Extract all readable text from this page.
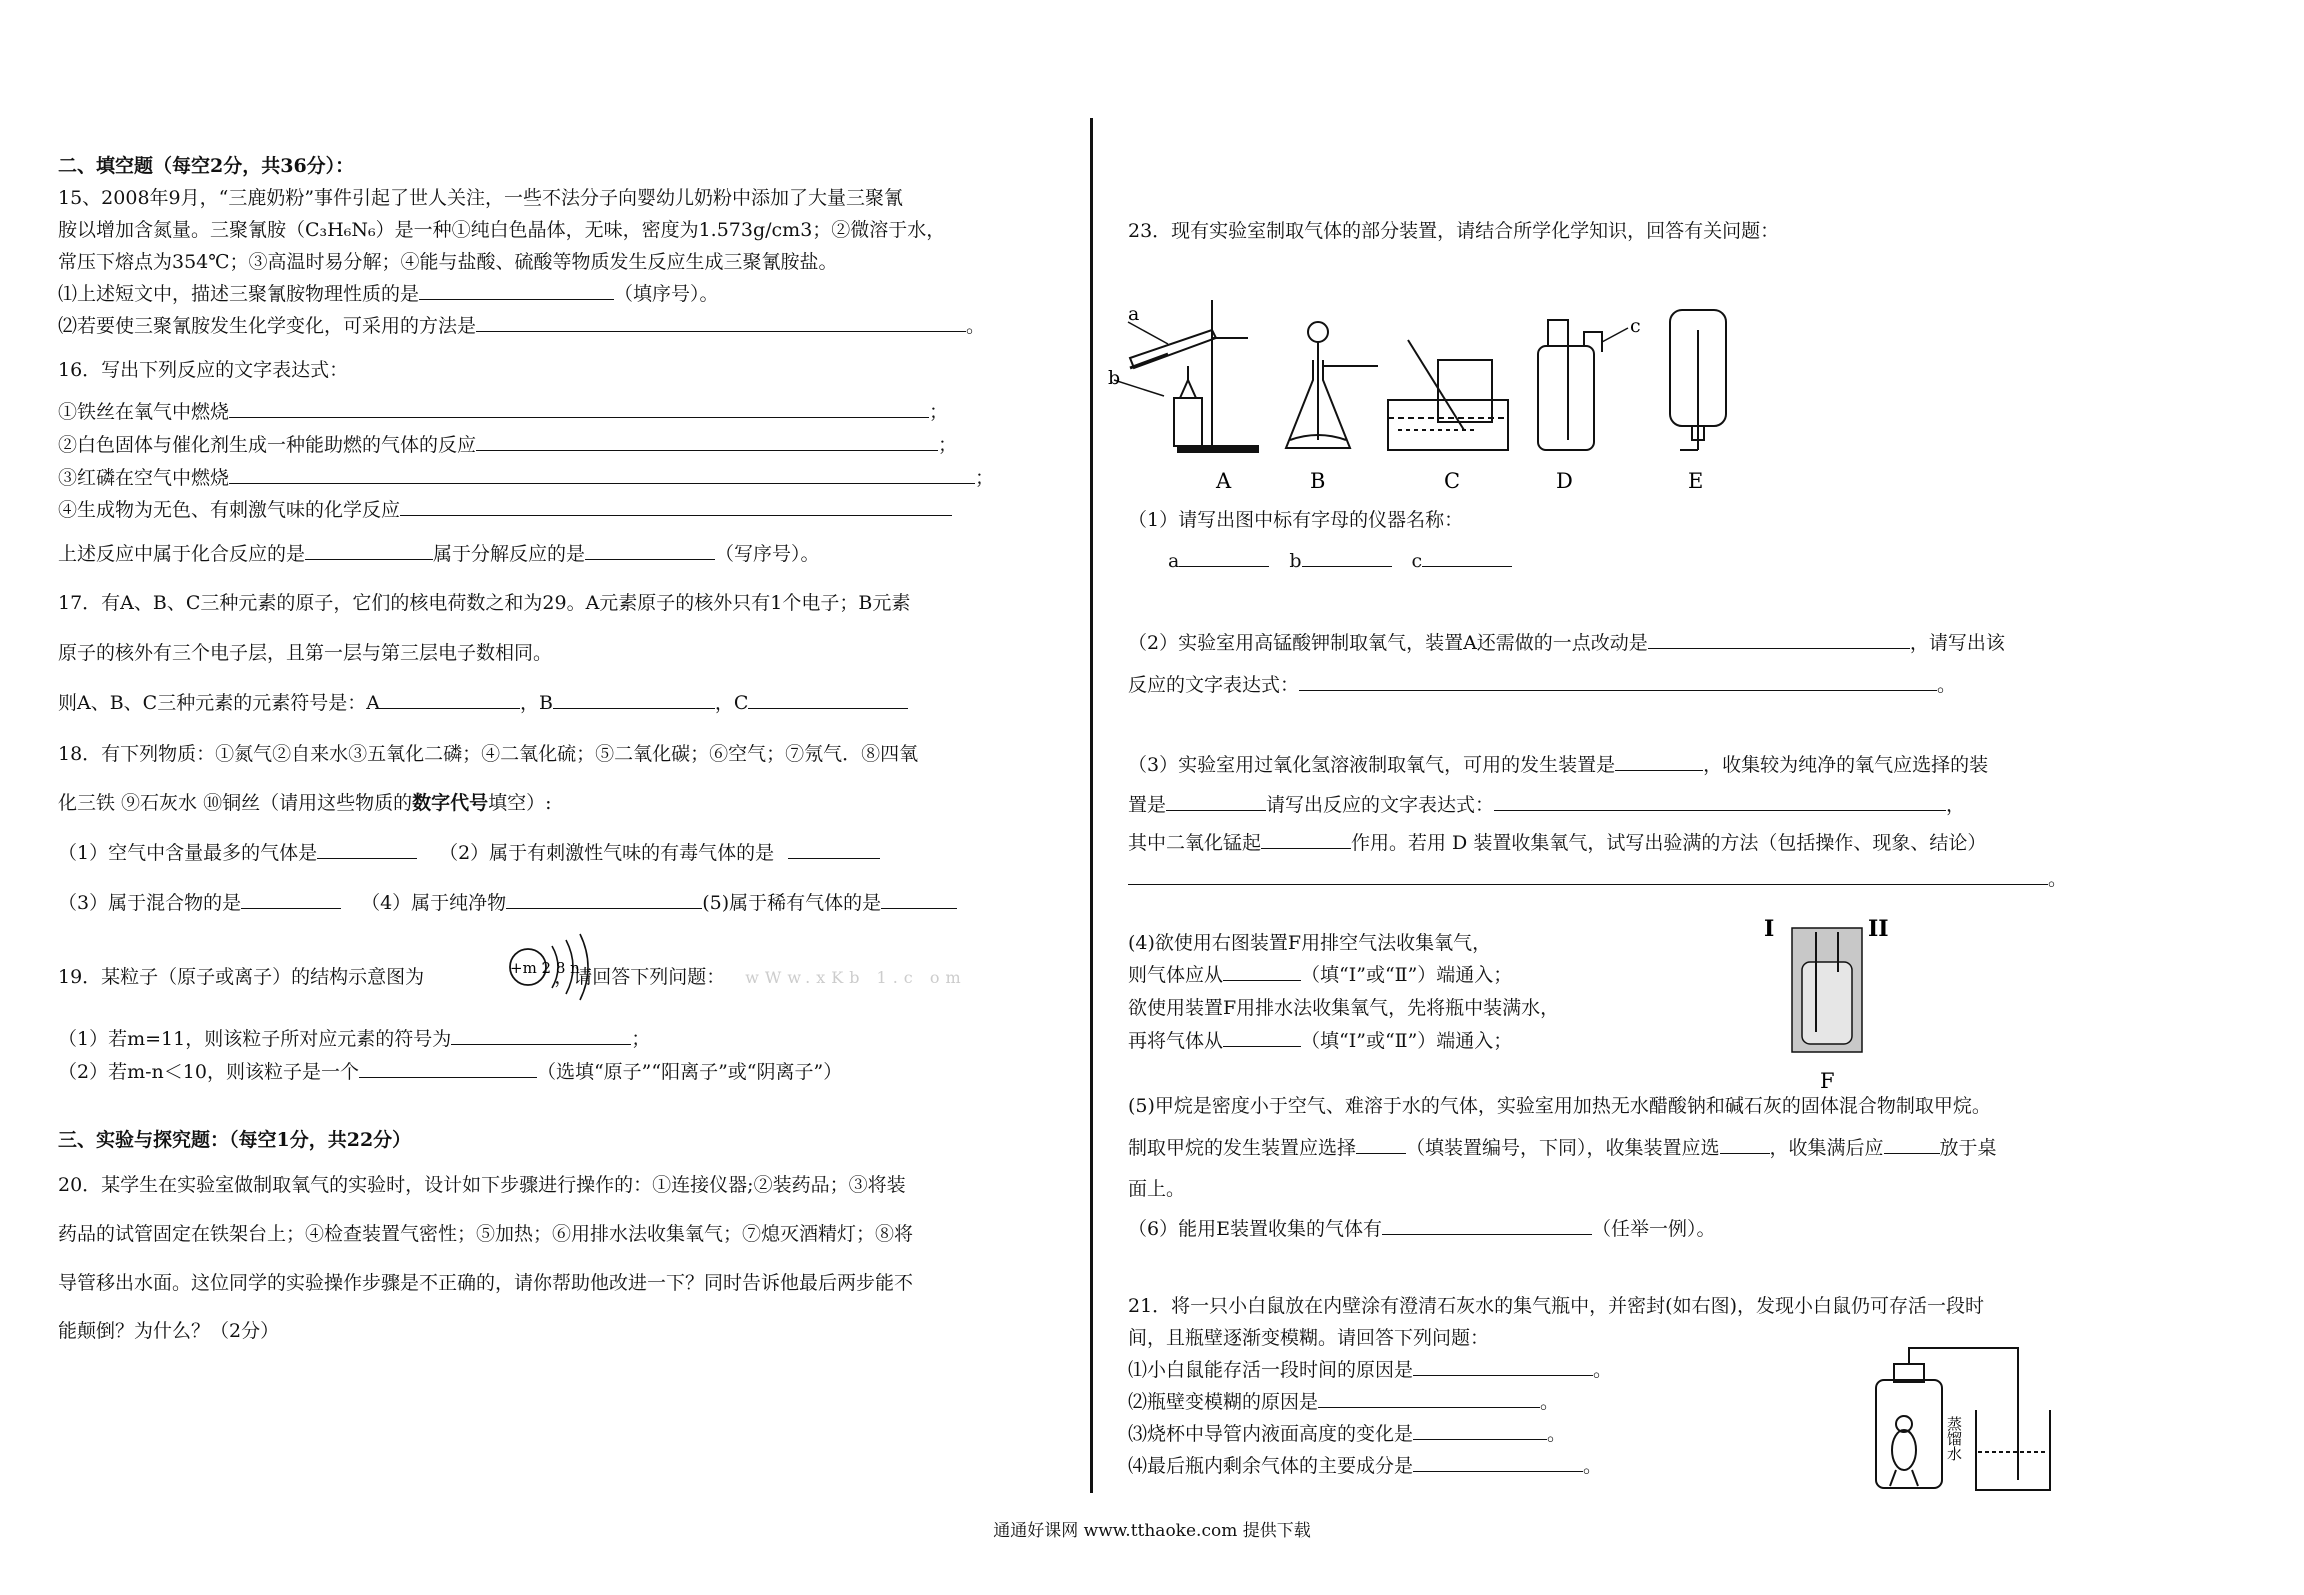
二、填空题（每空2分，共36分）：
15、2008年9月，“三鹿奶粉”事件引起了世人关注，一些不法分子向婴幼儿奶粉中添加了大量三聚氰
胺以增加含氮量。三聚氰胺（C₃H₆N₆）是一种①纯白色晶体，无味，密度为1.573g/cm3；②微溶于水，
常压下熔点为354℃；③高温时易分解；④能与盐酸、硫酸等物质发生反应生成三聚氰胺盐。
⑴上述短文中，描述三聚氰胺物理性质的是	（填序号）。
⑵若要使三聚氰胺发生化学变化，可采用的方法是	。
16．写出下列反应的文字表达式：
①铁丝在氧气中燃烧	；
②白色固体与催化剂生成一种能助燃的气体的反应	；
③红磷在空气中燃烧	；
④生成物为无色、有刺激气味的化学反应
上述反应中属于化合反应的是	属于分解反应的是	（写序号）。
17．有A、B、C三种元素的原子，它们的核电荷数之和为29。A元素原子的核外只有1个电子；B元素
原子的核外有三个电子层，且第一层与第三层电子数相同。
则A、B、C三种元素的元素符号是：A	，B	，C
18．有下列物质：①氮气②自来水③五氧化二磷；④二氧化硫；⑤二氧化碳；⑥空气；⑦氖气．⑧四氧
化三铁 ⑨石灰水 ⑩铜丝（请用这些物质的数字代号填空）:
（1）空气中含量最多的气体是	（2）属于有刺激性气味的有毒气体的是
（3）属于混合物的是	（4）属于纯净物	(5)属于稀有气体的是
19．某粒子（原子或离子）的结构示意图为	，请回答下列问题： wWw.xKb 1.c om
（1）若m=11，则该粒子所对应元素的符号为	；
（2）若m-n＜10，则该粒子是一个	（选填“原子”“阳离子”或“阴离子”）
三、实验与探究题：（每空1分，共22分）
20．某学生在实验室做制取氧气的实验时，设计如下步骤进行操作的：①连接仪器;②装药品；③将装
药品的试管固定在铁架台上；④检查装置气密性；⑤加热；⑥用排水法收集氧气；⑦熄灭酒精灯；⑧将
导管移出水面。这位同学的实验操作步骤是不正确的，请你帮助他改进一下？同时告诉他最后两步能不
能颠倒？为什么？（2分）
+m 2 8 n
23．现有实验室制取气体的部分装置，请结合所学化学知识，回答有关问题：
（1）请写出图中标有字母的仪器名称：
a	b	c
（2）实验室用高锰酸钾制取氧气，装置A还需做的一点改动是	，请写出该
反应的文字表达式：	。
（3）实验室用过氧化氢溶液制取氧气，可用的发生装置是	，收集较为纯净的氧气应选择的装
置是	请写出反应的文字表达式：	，
其中二氧化锰起	作用。若用 D 装置收集氧气，试写出验满的方法（包括操作、现象、结论）
。
(4)欲使用右图装置F用排空气法收集氧气，
则气体应从	（填“Ⅰ”或“Ⅱ”）端通入；
欲使用装置F用排水法收集氧气，先将瓶中装满水，
再将气体从	（填“Ⅰ”或“Ⅱ”）端通入；
(5)甲烷是密度小于空气、难溶于水的气体，实验室用加热无水醋酸钠和碱石灰的固体混合物制取甲烷。
制取甲烷的发生装置应选择	（填装置编号，下同），收集装置应选	，收集满后应	放于桌
面上。
（6）能用E装置收集的气体有	（任举一例）。
21．将一只小白鼠放在内壁涂有澄清石灰水的集气瓶中，并密封(如右图)，发现小白鼠仍可存活一段时
间，且瓶壁逐渐变模糊。请回答下列问题：
⑴小白鼠能存活一段时间的原因是	。
⑵瓶壁变模糊的原因是	。
⑶烧杯中导管内液面高度的变化是	。
⑷最后瓶内剩余气体的主要成分是	。
a
b
c
A	B	C	D	E
I	II
F
蒸馏水
通通好课网 www.tthaoke.com 提供下载
